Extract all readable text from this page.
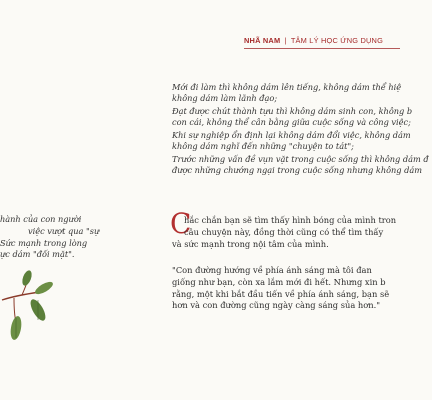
NHÃ NAM | TÂM LÝ HỌC ỨNG DỤNG
Mới đi làm thì không dám lên tiếng, không dám thể hiệ
không dám làm lãnh đạo;
Đạt được chút thành tựu thì không dám sinh con, không b
con cái, không thể cân bằng giữa cuộc sống và công việc;
Khi sự nghiệp ổn định lại không dám đổi việc, không dám
không dám nghĩ đến những "chuyện to tát";
Trước những vấn đề vụn vặt trong cuộc sống thì không dám đ
được những chướng ngại trong cuộc sống nhưng không dám
hành của con người
việc vượt qua "sự
Sức mạnh trong lòng
ực dám "đối mặt".
C
hắc chắn bạn sẽ tìm thấy hình bóng của mình tron
câu chuyện này, đồng thời cũng có thể tìm thấy
và sức mạnh trong nội tâm của mình.
"Con đường hướng về phía ánh sáng mà tôi đan
giống như bạn, còn xa lắm mới đi hết. Nhưng xin b
rằng, một khi bắt đầu tiến về phía ánh sáng, bạn sẽ
hơn và con đường cũng ngày càng sáng sủa hơn."
